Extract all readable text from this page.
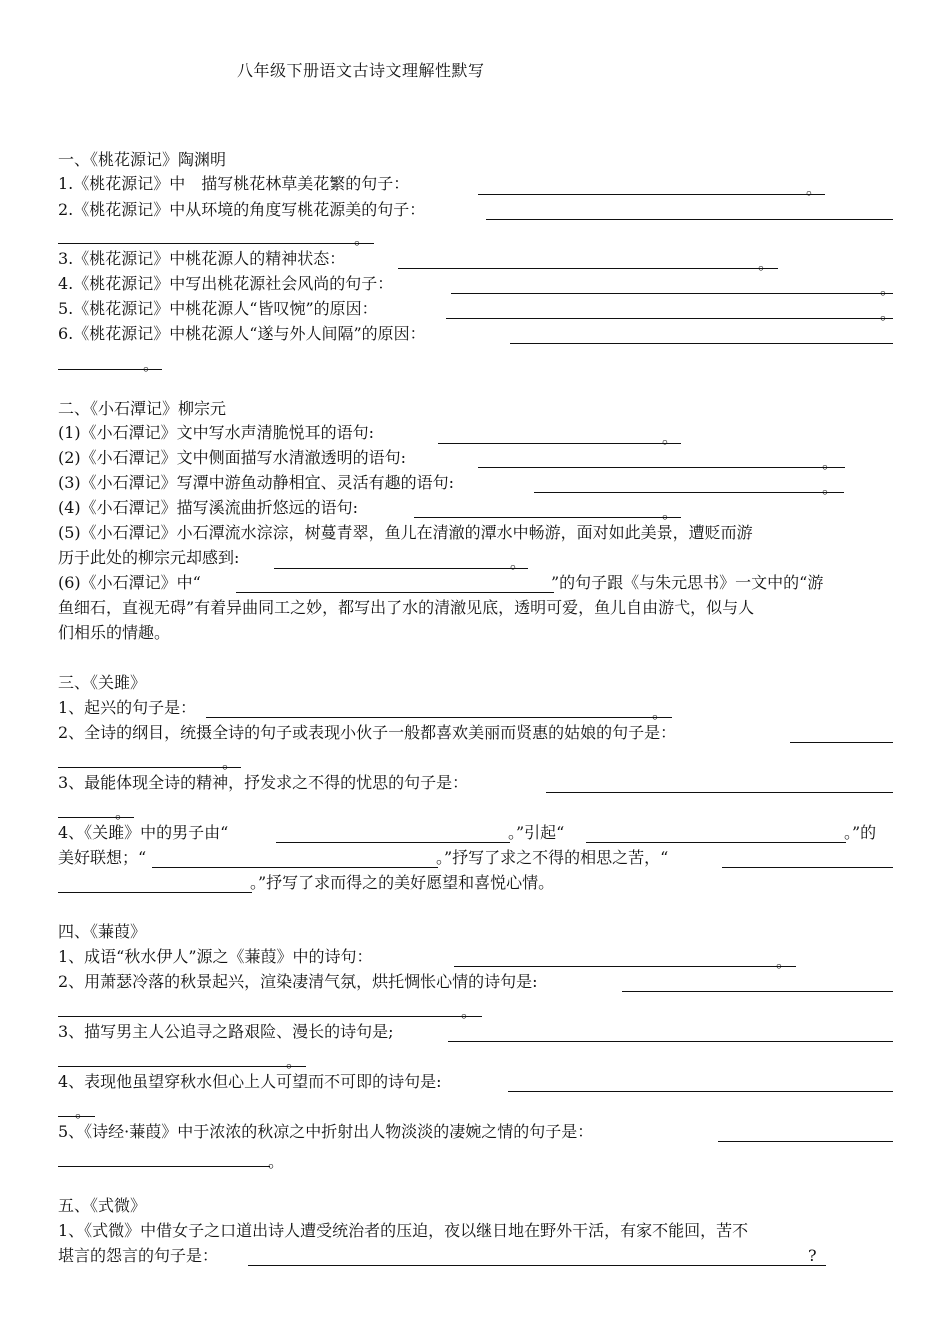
八年级下册语文古诗文理解性默写
一、《桃花源记》陶渊明
1.《桃花源记》中　描写桃花林草美花繁的句子：	。
2.《桃花源记》中从环境的角度写桃花源美的句子：
。
3.《桃花源记》中桃花源人的精神状态：	。
4.《桃花源记》中写出桃花源社会风尚的句子：	。
5.《桃花源记》中桃花源人“皆叹惋”的原因：	。
6.《桃花源记》中桃花源人“遂与外人间隔”的原因：
。
二、《小石潭记》柳宗元
(1)《小石潭记》文中写水声清脆悦耳的语句:	。
(2)《小石潭记》文中侧面描写水清澈透明的语句:	。
(3)《小石潭记》写潭中游鱼动静相宜、灵活有趣的语句:	。
(4)《小石潭记》描写溪流曲折悠远的语句:	。
(5)《小石潭记》小石潭流水淙淙，树蔓青翠，鱼儿在清澈的潭水中畅游，面对如此美景，遭贬而游
历于此处的柳宗元却感到:	。
(6)《小石潭记》中“	”的句子跟《与朱元思书》一文中的“游
鱼细石，直视无碍”有着异曲同工之妙，都写出了水的清澈见底，透明可爱，鱼儿自由游弋，似与人
们相乐的情趣。
三、《关雎》
1、起兴的句子是：	。
2、全诗的纲目，统摄全诗的句子或表现小伙子一般都喜欢美丽而贤惠的姑娘的句子是：
。
3、最能体现全诗的精神，抒发求之不得的忧思的句子是：
。
4、《关雎》中的男子由“	。”引起“	。”的
美好联想；“	。”抒写了求之不得的相思之苦，“
。”抒写了求而得之的美好愿望和喜悦心情。
四、《蒹葭》
1、成语“秋水伊人”源之《蒹葭》中的诗句：	。
2、用萧瑟冷落的秋景起兴，渲染凄清气氛，烘托惆怅心情的诗句是:
。
3、描写男主人公追寻之路艰险、漫长的诗句是;
。
4、表现他虽望穿秋水但心上人可望而不可即的诗句是:
。
5、《诗经·蒹葭》中于浓浓的秋凉之中折射出人物淡淡的凄婉之情的句子是：
。
五、《式微》
1、《式微》中借女子之口道出诗人遭受统治者的压迫，夜以继日地在野外干活，有家不能回，苦不
堪言的怨言的句子是：	?
